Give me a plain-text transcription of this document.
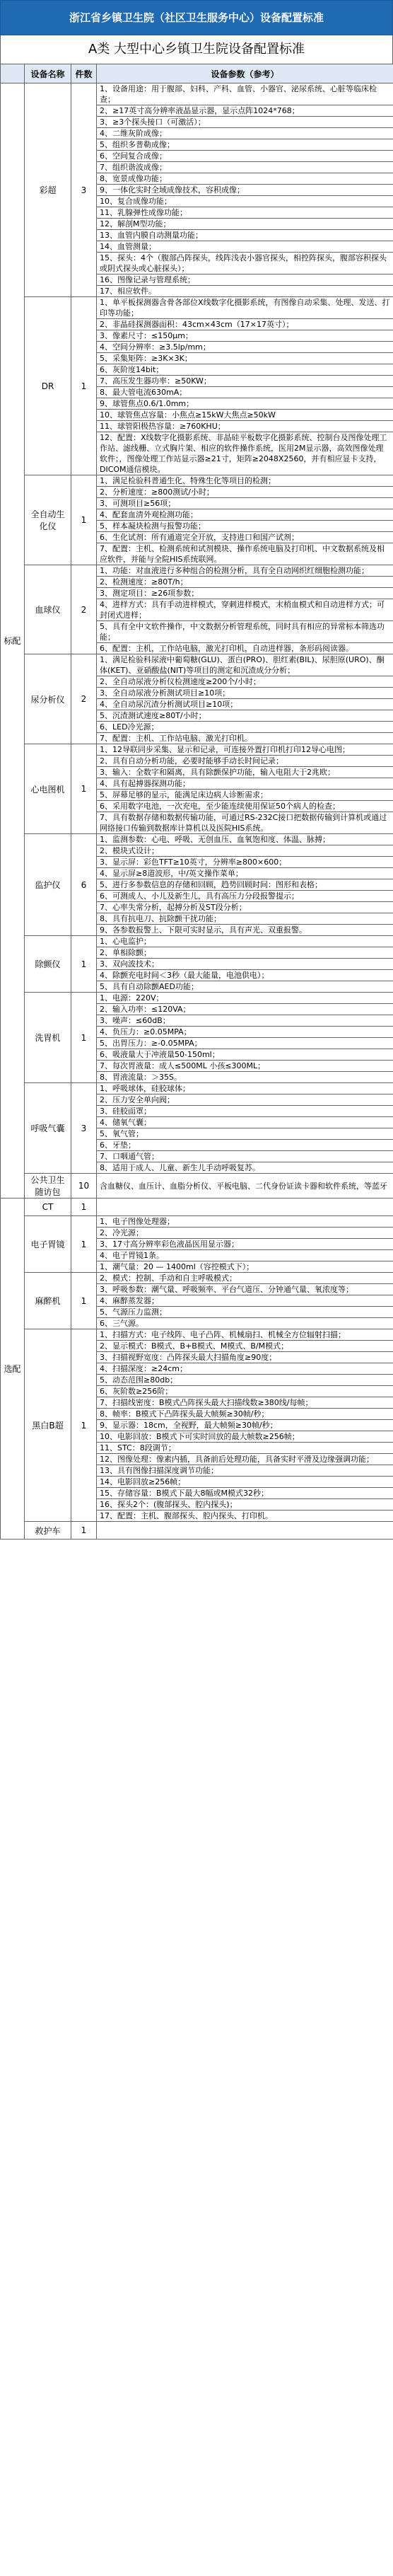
浙江省乡镇卫生院（社区卫生服务中心）设备配置标准
A类 大型中心乡镇卫生院设备配置标准
	设备名称	件数	设备参数（参考）
标配	彩超	3	1、设备用途：用于腹部、妇科、产科、血管、小器官、泌尿系统、心脏等临床检查；
			2、≥17英寸高分辨率液晶显示器，显示点阵1024*768；
			3、≥3个探头接口（可激活）；
			4、二维灰阶成像；
			5、组织多普勒成像；
			6、空间复合成像；
			7、组织谐波成像；
			8、宽景成像功能；
			9、一体化实时全域成像技术，容积成像；
			10、复合成像功能；
			11、乳腺弹性成像功能；
			12、解剖M型功能；
			13、血管内膜自动测量功能；
			14、血管测量；
			15、探头：4个（腹部凸阵探头，线阵浅表小器官探头，相控阵探头，腹部容积探头或阴式探头或心脏探头）；
			16、图像记录与管理系统；
			17、相应软件。
	DR	1	1、单平板探测器含骨各部位X线数字化摄影系统，有图像自动采集、处理、发送、打印等功能；
			2、非晶硅探测器面积：43cm×43cm（17×17英寸）；
			3、像素尺寸：≤150μm；
			4、空间分辨率：≥3.5lp/mm；
			5、采集矩阵：≥3K×3K；
			6、灰阶度14bit；
			7、高压发生器功率：≥50KW；
			8、最大管电流630mA；
			9、球管焦点0.6/1.0mm；
			10、球管焦点容量：小焦点≥15kW大焦点≥50kW
			11、球管阳极热容量：≥760KHU；
			12、配置：X线数字化摄影系统、非晶硅平板数字化摄影系统、控制台及图像处理工作站、滤线栅、立式胸片架、相应的软件操作系统，医用2M显示器，高效图像处理软件；，图像处理工作站显示器≥21寸，矩阵≥2048X2560，并有相应显卡支持，DICOM通信模块。
	全自动生化仪	1	1、满足检验科普通生化、特殊生化等项目的检测；
			2、分析速度：≥800测试/小时；
			3、可测项目≥56项；
			4、配套血清外观检测功能；
			5、样本凝块检测与报警功能；
			6、生化试剂：所有通道完全开放，支持进口和国产试剂；
			7、配置：主机、检测系统和试剂模块、操作系统电脑及打印机、中文数据系统及相应软件，并能与全院HIS系统联网。
	血球仪	2	1、功能：对血液进行多种组合的检测分析，具有全自动网织红细胞检测功能；
			2、检测速度：≥80T/h；
			3、测定项目：≥26项参数；
			4、进样方式：具有手动进样模式，穿刺进样模式，末梢血模式和自动进样方式；可封闭式进样；
			5、具有全中文软件操作，中文数据分析管理系统，同时具有相应的异常标本筛选功能；
			6、配置：主机，工作站电脑，激光打印机，自动进样器，条形码阅读器。
	尿分析仪	2	1、满足检验科尿液中葡萄糖(GLU)、蛋白(PRO)、胆红素(BIL)、尿胆原(URO)、酮体(KET)、亚硝酸盐(NIT)等项目的测定和沉渣成分分析；
			2、全自动尿液分析仪检测速度≥200个/小时；
			3、全自动尿液分析测试项目≥10项；
			4、全自动尿沉渣分析测试项目≥10项；
			5、沉渣测试速度≥80T/小时；
			6、LED冷光源；
			7、配置：主机、工作站电脑、激光打印机。
	心电图机	1	1、12导联同步采集、显示和记录，可连接外置打印机打印12导心电图；
			2、具有自动分析功能，必要时能够手动长时间记录；
			3、输入：全数字和隔离，具有除颤保护功能，输入电阻大于2兆欧；
			4、具有起搏器探测功能；
			5、屏幕足够的显示，能满足床边病人诊断需求；
			6、采用数字电池，一次充电，至少能连续使用保证50个病人的检查；
			7、具有数据存储和数据传输功能，可通过RS-232C接口把数据传输到计算机或通过网络接口传输到数据库计算机以及医院HIS系统。
	监护仪	6	1、监测参数：心电、呼吸、无创血压、血氧饱和度、体温、脉搏；
			2、模块式设计；
			3、显示屏：彩色TFT≥10英寸，分辨率≥800×600；
			4、显示屏≥8道波形，中/英文操作菜单；
			5、进行多参数信息的存储和回顾，趋势回顾时间：图形和表格；
			6、可测成人、小儿及新生儿，具有高压力分段报警提示；
			7、心率失常分析，起搏分析及ST段分析；
			8、具有抗电刀、抗除颤干扰功能；
			9、各参数报警上、下限可实时显示，具有声光、双重报警。
	除颤仪	1	1、心电监护；
			2、单相除颤；
			3、双向波技术；
			4、除颤充电时间＜3秒（最大能量，电池供电）；
			5、具有自动除颤AED功能；
	洗胃机	1	1、电源：220V；
			2、输入功率：≤120VA；
			3、噪声：≤60dB；
			4、负压力：≥0.05MPA；
			5、出胃压力：≥-0.05MPA；
			6、吸液量大于冲液量50-150ml；
			7、每次胃液量：成人≤500ML 小孩≤300ML；
			8、胃液流量：＞35S。
	呼吸气囊	3	1、呼吸球体，硅胶球体；
			2、压力安全单向阀；
			3、硅胶面罩；
			4、储氧气囊；
			5、氧气管；
			6、牙垫；
			7、口咽通气管；
			8、适用于成人、儿童、新生儿手动呼吸复苏。
	公共卫生随访包	10	含血糖仪、血压计、血脂分析仪、平板电脑、二代身份证读卡器和软件系统，等蓝牙
选配	CT	1	
	电子胃镜	1	1、电子图像处理器；
			2、冷光源；
			3、17寸高分辨率彩色液晶医用显示器；
			4、电子胃镜1条。
			1、潮气量：20 — 1400ml（容控模式下）；
	麻醉机	1	2、模式：控制、手动和自主呼吸模式；
			3、呼吸参数：潮气量、呼吸频率、平台气道压、分钟通气量、氧浓度等；
			4、麻醉蒸发器；
			5、气源压力监测；
			6、三气源。
	黑白B超	1	1、扫描方式：电子线阵、电子凸阵、机械扇扫、机械全方位辐射扫描；
			2、显示模式：B模式、B+B模式、M模式、B/M模式；
			3、扫描视野宽度：凸阵探头最大扫描角度≥90度；
			4、扫描深度：≥24cm；
			5、动态范围≥80db；
			6、灰阶数≥256阶；
			7、扫描线密度：B模式凸阵探头最大扫描线数≥380线/每帧；
			8、帧率：B模式下凸阵探头最大帧频≥30帧/秒；
			9、显示器：18cm，全视野，最大帧频≥30帧/秒；
			10、电影回放：B模式下可实时回放的最大帧数≥256帧；
			11、STC：8段调节；
			12、图像处理：像素内插，具备前后处理功能，具备实时平滑及边缘强调功能；
			13、具有图像扫描深度调节功能；
			14、电影回放≥256帧；
			15、存储容量：B模式下最大8幅或M模式32秒；
			16、探头2个：(腹部探头、腔内探头)；
			17、配置：主机、腹部探头、腔内探头、打印机。
	救护车	1	
